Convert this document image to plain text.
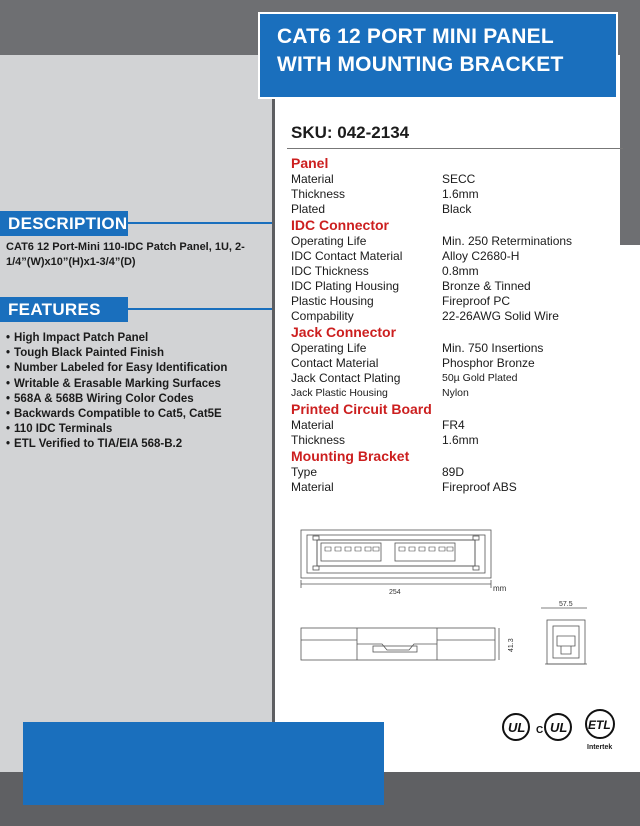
CAT6 12 PORT MINI PANEL
WITH MOUNTING BRACKET
DESCRIPTION
CAT6 12 Port-Mini 110-IDC Patch Panel, 1U, 2-1/4”(W)x10”(H)x1-3/4”(D)
FEATURES
• High Impact Patch Panel
• Tough Black Painted Finish
• Number Labeled for Easy Identification
• Writable & Erasable Marking Surfaces
• 568A & 568B Wiring Color Codes
• Backwards Compatible to Cat5, Cat5E
• 110 IDC Terminals
• ETL Verified to TIA/EIA 568-B.2
SKU: 042-2134
Panel
Material	SECC
Thickness	1.6mm
Plated	Black
IDC Connector
Operating Life	Min. 250 Reterminations
IDC Contact Material	Alloy C2680-H
IDC Thickness	0.8mm
IDC Plating Housing	Bronze & Tinned
Plastic Housing	Fireproof PC
Compability	22-26AWG Solid Wire
Jack Connector
Operating Life	Min. 750 Insertions
Contact Material	Phosphor Bronze
Jack Contact Plating	50µ Gold Plated
Jack Plastic Housing	Nylon
Printed Circuit Board
Material	FR4
Thickness	1.6mm
Mounting Bracket
Type	89D
Material	Fireproof ABS
254	mm
41.3
57.5
UL C UL ETL
Intertek
